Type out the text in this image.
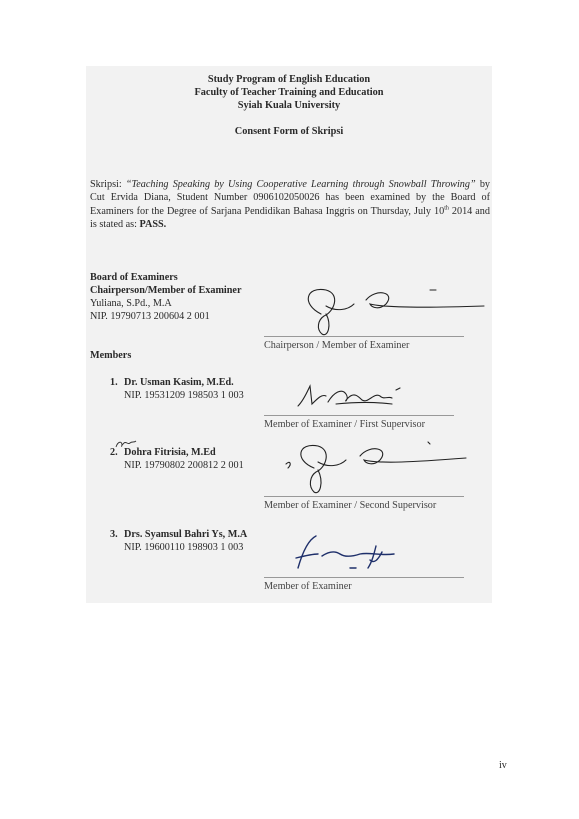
Study Program of English Education
Faculty of Teacher Training and Education
Syiah Kuala University
Consent Form of Skripsi
Skripsi: “Teaching Speaking by Using Cooperative Learning through Snowball Throwing” by Cut Ervida Diana, Student Number 0906102050026 has been examined by the Board of Examiners for the Degree of Sarjana Pendidikan Bahasa Inggris on Thursday, July 10th 2014 and is stated as: PASS.
Board of Examiners
Chairperson/Member of Examiner
Yuliana, S.Pd., M.A
NIP. 19790713 200604 2 001
Chairperson / Member of Examiner
Members
1. Dr. Usman Kasim, M.Ed.
NIP. 19531209 198503 1 003
Member of Examiner / First Supervisor
2. Dohra Fitrisia, M.Ed
NIP. 19790802 200812 2 001
Member of Examiner / Second Supervisor
3. Drs. Syamsul Bahri Ys, M.A
NIP. 19600110 198903 1 003
Member of Examiner
iv
